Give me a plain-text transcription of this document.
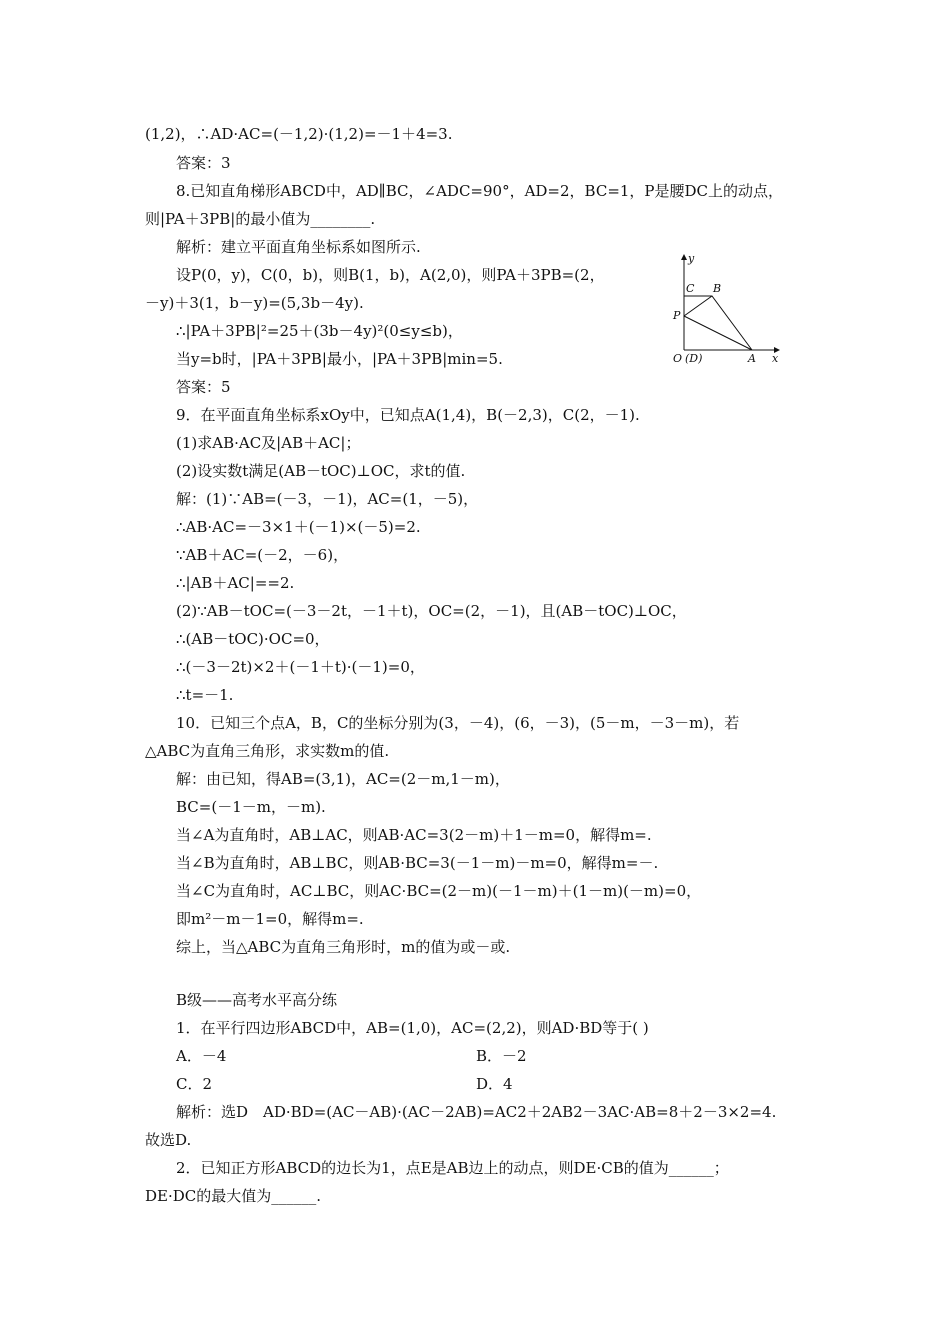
(1,2)，∴AD·AC=(－1,2)·(1,2)=－1＋4=3.
答案：3
8.已知直角梯形ABCD中，AD∥BC，∠ADC=90°，AD=2，BC=1，P是腰DC上的动点，
则|PA＋3PB|的最小值为________.
解析：建立平面直角坐标系如图所示.
设P(0，y)，C(0，b)，则B(1，b)，A(2,0)，则PA＋3PB=(2，
－y)＋3(1，b－y)=(5,3b－4y).
∴|PA＋3PB|²=25＋(3b－4y)²(0≤y≤b)，
当y=b时，|PA＋3PB|最小，|PA＋3PB|min=5.
答案：5
9．在平面直角坐标系xOy中，已知点A(1,4)，B(－2,3)，C(2，－1).
(1)求AB·AC及|AB＋AC|；
(2)设实数t满足(AB－tOC)⊥OC，求t的值.
解：(1)∵AB=(－3，－1)，AC=(1，－5)，
∴AB·AC=－3×1＋(－1)×(－5)=2.
∵AB＋AC=(－2，－6)，
∴|AB＋AC|==2.
(2)∵AB－tOC=(－3－2t，－1＋t)，OC=(2，－1)，且(AB－tOC)⊥OC，
∴(AB－tOC)·OC=0，
∴(－3－2t)×2＋(－1＋t)·(－1)=0，
∴t=－1.
10．已知三个点A，B，C的坐标分别为(3，－4)，(6，－3)，(5－m，－3－m)，若
△ABC为直角三角形，求实数m的值.
解：由已知，得AB=(3,1)，AC=(2－m,1－m)，
BC=(－1－m，－m).
当∠A为直角时，AB⊥AC，则AB·AC=3(2－m)＋1－m=0，解得m=.
当∠B为直角时，AB⊥BC，则AB·BC=3(－1－m)－m=0，解得m=－.
当∠C为直角时，AC⊥BC，则AC·BC=(2－m)(－1－m)＋(1－m)(－m)=0，
即m²－m－1=0，解得m=.
综上，当△ABC为直角三角形时，m的值为或－或.
B级——高考水平高分练
1．在平行四边形ABCD中，AB=(1,0)，AC=(2,2)，则AD·BD等于( )
A．－4	B．－2
C．2	D．4
解析：选D　AD·BD=(AC－AB)·(AC－2AB)=AC2＋2AB2－3AC·AB=8＋2－3×2=4.
故选D.
2．已知正方形ABCD的边长为1，点E是AB边上的动点，则DE·CB的值为______；
DE·DC的最大值为______.
y
x
C B
P
O (D)	A
